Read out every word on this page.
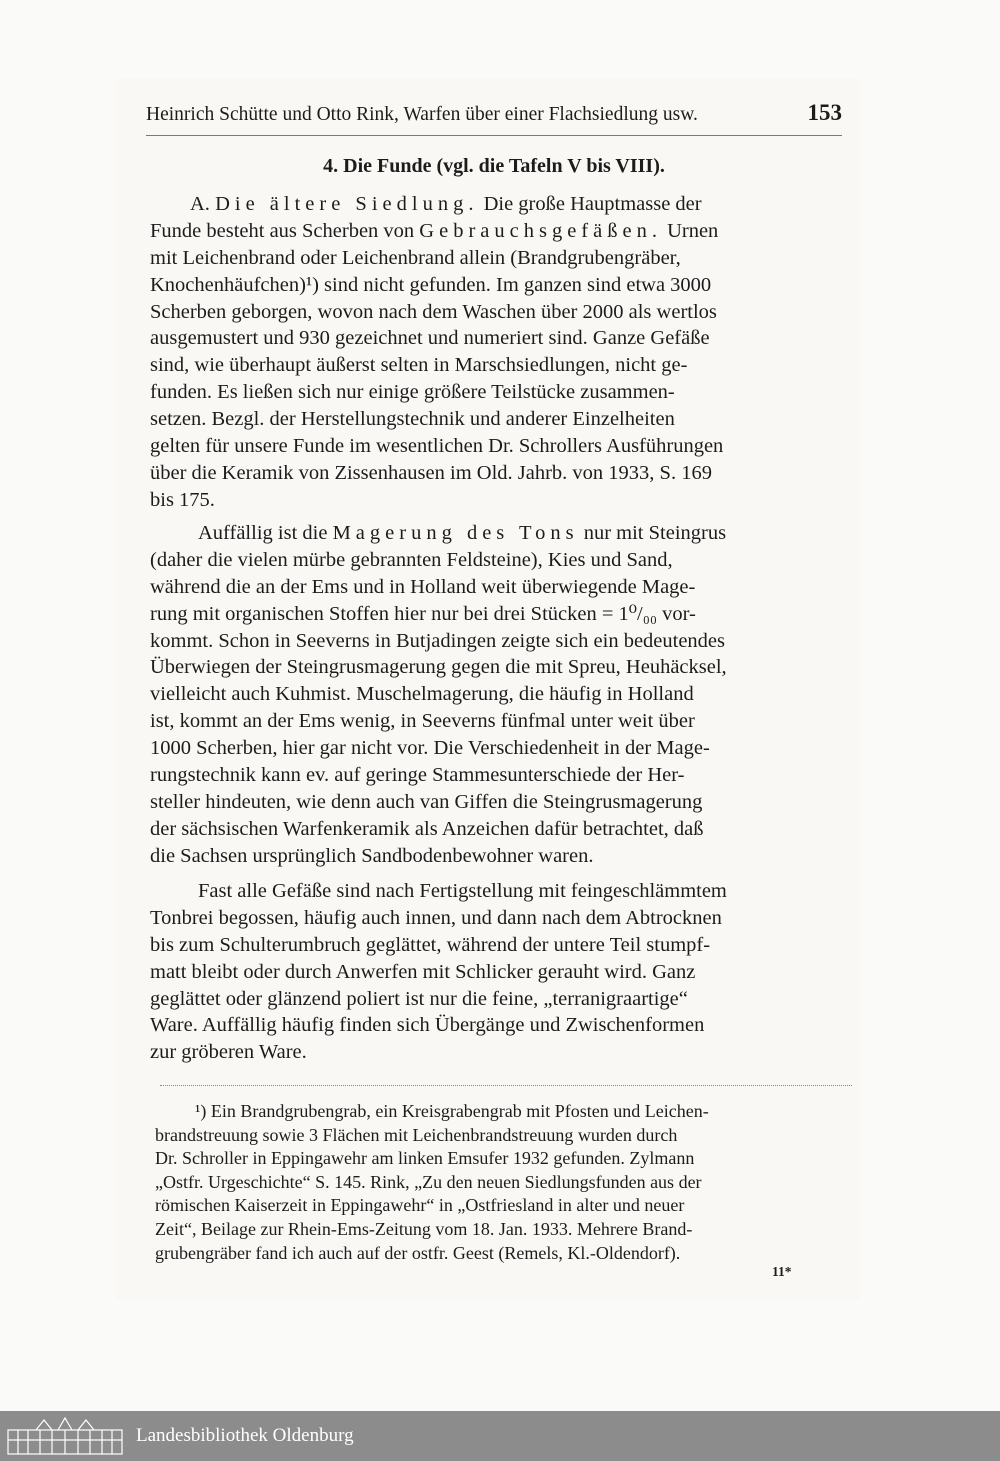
Heinrich Schütte und Otto Rink, Warfen über einer Flachsiedlung usw.	153
4. Die Funde (vgl. die Tafeln V bis VIII).
A. Die ältere Siedlung. Die große Hauptmasse der
Funde besteht aus Scherben von Gebrauchsgefäßen. Urnen
mit Leichenbrand oder Leichenbrand allein (Brandgrubengräber,
Knochenhäufchen)¹) sind nicht gefunden. Im ganzen sind etwa 3000
Scherben geborgen, wovon nach dem Waschen über 2000 als wertlos
ausgemustert und 930 gezeichnet und numeriert sind. Ganze Gefäße
sind, wie überhaupt äußerst selten in Marschsiedlungen, nicht ge-
funden. Es ließen sich nur einige größere Teilstücke zusammen-
setzen. Bezgl. der Herstellungstechnik und anderer Einzelheiten
gelten für unsere Funde im wesentlichen Dr. Schrollers Ausführungen
über die Keramik von Zissenhausen im Old. Jahrb. von 1933, S. 169
bis 175.
Auffällig ist die Magerung des Tons nur mit Steingrus
(daher die vielen mürbe gebrannten Feldsteine), Kies und Sand,
während die an der Ems und in Holland weit überwiegende Mage-
rung mit organischen Stoffen hier nur bei drei Stücken = 1⁰/₀₀ vor-
kommt. Schon in Seeverns in Butjadingen zeigte sich ein bedeutendes
Überwiegen der Steingrusmagerung gegen die mit Spreu, Heuhäcksel,
vielleicht auch Kuhmist. Muschelmagerung, die häufig in Holland
ist, kommt an der Ems wenig, in Seeverns fünfmal unter weit über
1000 Scherben, hier gar nicht vor. Die Verschiedenheit in der Mage-
rungstechnik kann ev. auf geringe Stammesunterschiede der Her-
steller hindeuten, wie denn auch van Giffen die Steingrusmagerung
der sächsischen Warfenkeramik als Anzeichen dafür betrachtet, daß
die Sachsen ursprünglich Sandbodenbewohner waren.
Fast alle Gefäße sind nach Fertigstellung mit feingeschlämmtem
Tonbrei begossen, häufig auch innen, und dann nach dem Abtrocknen
bis zum Schulterumbruch geglättet, während der untere Teil stumpf-
matt bleibt oder durch Anwerfen mit Schlicker gerauht wird. Ganz
geglättet oder glänzend poliert ist nur die feine, „terranigraartige“
Ware. Auffällig häufig finden sich Übergänge und Zwischenformen
zur gröberen Ware.
¹) Ein Brandgrubengrab, ein Kreisgrabengrab mit Pfosten und Leichen-
brandstreuung sowie 3 Flächen mit Leichenbrandstreuung wurden durch
Dr. Schroller in Eppingawehr am linken Emsufer 1932 gefunden. Zylmann
„Ostfr. Urgeschichte“ S. 145. Rink, „Zu den neuen Siedlungsfunden aus der
römischen Kaiserzeit in Eppingawehr“ in „Ostfriesland in alter und neuer
Zeit“, Beilage zur Rhein-Ems-Zeitung vom 18. Jan. 1933. Mehrere Brand-
grubengräber fand ich auch auf der ostfr. Geest (Remels, Kl.-Oldendorf).
11*
Landesbibliothek Oldenburg
